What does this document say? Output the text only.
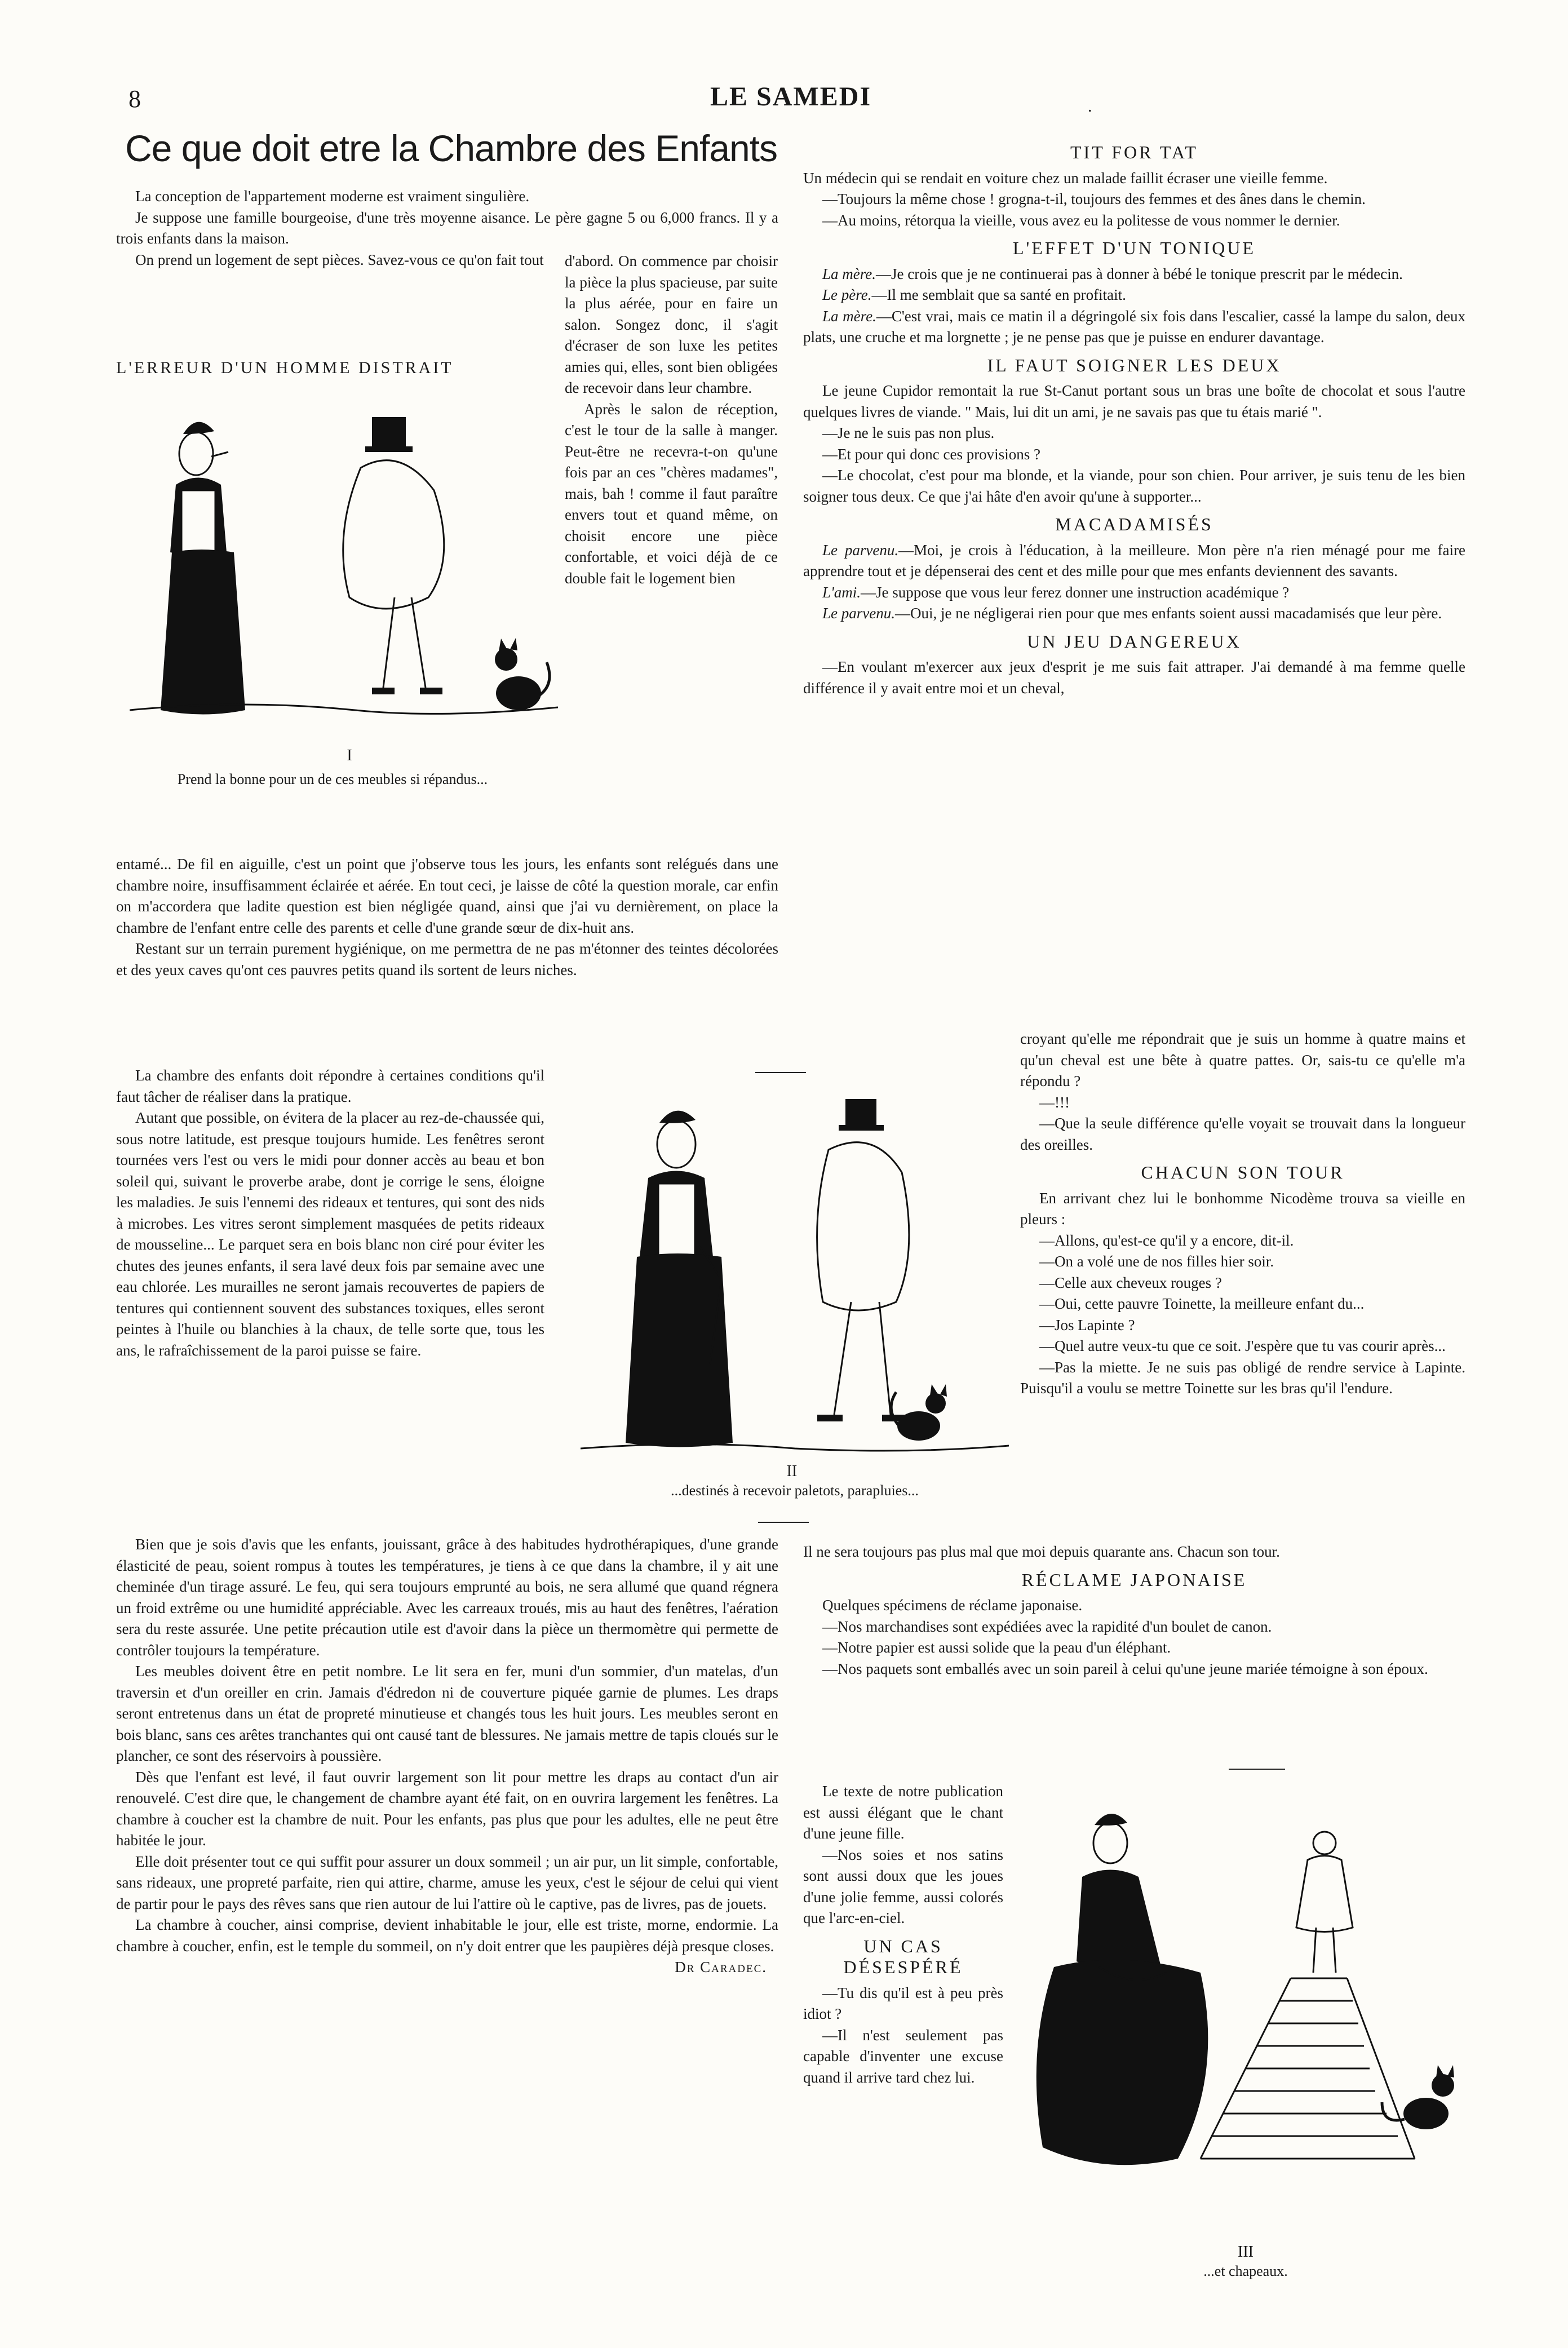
8	LE SAMEDI	.
Ce que doit etre la Chambre des Enfants

La conception de l'appartement moderne est vraiment singulière.

Je suppose une famille bourgeoise, d'une très moyenne aisance. Le père gagne 5 ou 6,000 francs. Il y a trois enfants dans la maison.

On prend un logement de sept pièces. Savez-vous ce qu'on fait tout	d'abord. On commence par choisir la pièce la plus spacieuse, par suite la plus aérée, pour en faire un salon. Songez donc, il s'agit d'écraser de son luxe les petites amies qui, elles, sont bien obligées de recevoir dans leur chambre.

Après le salon de réception, c'est le tour de la salle à manger. Peut-être ne recevra-t-on qu'une fois par an ces "chères madames", mais, bah ! comme il faut paraître envers tout et quand même, on choisit encore une pièce confortable, et voici déjà de ce double fait le logement bien

L'ERREUR D'UN HOMME DISTRAIT
I
Prend la bonne pour un de ces meubles si répandus...

entamé... De fil en aiguille, c'est un point que j'observe tous les jours, les enfants sont relégués dans une chambre noire, insuffisamment éclairée et aérée. En tout ceci, je laisse de côté la question morale, car enfin on m'accordera que ladite question est bien négligée quand, ainsi que j'ai vu dernièrement, on place la chambre de l'enfant entre celle des parents et celle d'une grande sœur de dix-huit ans.

Restant sur un terrain purement hygiénique, on me permettra de ne pas m'étonner des teintes décolorées et des yeux caves qu'ont ces pauvres petits quand ils sortent de leurs niches.

La chambre des enfants doit répondre à certaines conditions qu'il faut tâcher de réaliser dans la pratique.

Autant que possible, on évitera de la placer au rez-de-chaussée qui, sous notre latitude, est presque toujours humide. Les fenêtres seront tournées vers l'est ou vers le midi pour donner accès au beau et bon soleil qui, suivant le proverbe arabe, dont je corrige le sens, éloigne les maladies. Je suis l'ennemi des rideaux et tentures, qui sont des nids à microbes. Les vitres seront simplement masquées de petits rideaux de mousseline... Le parquet sera en bois blanc non ciré pour éviter les chutes des jeunes enfants, il sera lavé deux fois par semaine avec une eau chlorée. Les murailles ne seront jamais recouvertes de papiers de tentures qui contiennent souvent des substances toxiques, elles seront peintes à l'huile ou blanchies à la chaux, de telle sorte que, tous les ans, le rafraîchissement de la paroi puisse se faire.

Bien que je sois d'avis que les enfants, jouissant, grâce à des habitudes hydrothérapiques, d'une grande élasticité de peau, soient rompus à toutes les températures, je tiens à ce que dans la chambre, il y ait une cheminée d'un tirage assuré. Le feu, qui sera toujours emprunté au bois, ne sera allumé que quand régnera un froid extrême ou une humidité appréciable. Avec les carreaux troués, mis au haut des fenêtres, l'aération sera du reste assurée. Une petite précaution utile est d'avoir dans la pièce un thermomètre qui permette de contrôler toujours la température.

Les meubles doivent être en petit nombre. Le lit sera en fer, muni d'un sommier, d'un matelas, d'un traversin et d'un oreiller en crin. Jamais d'édredon ni de couverture piquée garnie de plumes. Les draps seront entretenus dans un état de propreté minutieuse et changés tous les huit jours. Les meubles seront en bois blanc, sans ces arêtes tranchantes qui ont causé tant de blessures. Ne jamais mettre de tapis cloués sur le plancher, ce sont des réservoirs à poussière.

Dès que l'enfant est levé, il faut ouvrir largement son lit pour mettre les draps au contact d'un air renouvelé. C'est dire que, le changement de chambre ayant été fait, on en ouvrira largement les fenêtres. La chambre à coucher est la chambre de nuit. Pour les enfants, pas plus que pour les adultes, elle ne peut être habitée le jour.

Elle doit présenter tout ce qui suffit pour assurer un doux sommeil ; un air pur, un lit simple, confortable, sans rideaux, une propreté parfaite, rien qui attire, charme, amuse les yeux, c'est le séjour de celui qui vient de partir pour le pays des rêves sans que rien autour de lui l'attire où le captive, pas de livres, pas de jouets.

La chambre à coucher, ainsi comprise, devient inhabitable le jour, elle est triste, morne, endormie. La chambre à coucher, enfin, est le temple du sommeil, on n'y doit entrer que les paupières déjà presque closes.

Dr Caradec.
II
...destinés à recevoir paletots, parapluies...
TIT FOR TAT

Un médecin qui se rendait en voiture chez un malade faillit écraser une vieille femme.

—Toujours la même chose ! grogna-t-il, toujours des femmes et des ânes dans le chemin.

—Au moins, rétorqua la vieille, vous avez eu la politesse de vous nommer le dernier.

L'EFFET D'UN TONIQUE

La mère.—Je crois que je ne continuerai pas à donner à bébé le tonique prescrit par le médecin.

Le père.—Il me semblait que sa santé en profitait.

La mère.—C'est vrai, mais ce matin il a dégringolé six fois dans l'escalier, cassé la lampe du salon, deux plats, une cruche et ma lorgnette ; je ne pense pas que je puisse en endurer davantage.

IL FAUT SOIGNER LES DEUX

Le jeune Cupidor remontait la rue St-Canut portant sous un bras une boîte de chocolat et sous l'autre quelques livres de viande. " Mais, lui dit un ami, je ne savais pas que tu étais marié ".

—Je ne le suis pas non plus.

—Et pour qui donc ces provisions ?

—Le chocolat, c'est pour ma blonde, et la viande, pour son chien. Pour arriver, je suis tenu de les bien soigner tous deux. Ce que j'ai hâte d'en avoir qu'une à supporter...

MACADAMISÉS

Le parvenu.—Moi, je crois à l'éducation, à la meilleure. Mon père n'a rien ménagé pour me faire apprendre tout et je dépenserai des cent et des mille pour que mes enfants deviennent des savants.

L'ami.—Je suppose que vous leur ferez donner une instruction académique ?

Le parvenu.—Oui, je ne négligerai rien pour que mes enfants soient aussi macadamisés que leur père.

UN JEU DANGEREUX

—En voulant m'exercer aux jeux d'esprit je me suis fait attraper. J'ai demandé à ma femme quelle différence il y avait entre moi et un cheval,

croyant qu'elle me répondrait que je suis un homme à quatre mains et qu'un cheval est une bête à quatre pattes. Or, sais-tu ce qu'elle m'a répondu ?

—!!!

—Que la seule différence qu'elle voyait se trouvait dans la longueur des oreilles.

CHACUN SON TOUR

En arrivant chez lui le bonhomme Nicodème trouva sa vieille en pleurs :

—Allons, qu'est-ce qu'il y a encore, dit-il.

—On a volé une de nos filles hier soir.

—Celle aux cheveux rouges ?

—Oui, cette pauvre Toinette, la meilleure enfant du...

—Jos Lapinte ?

—Quel autre veux-tu que ce soit. J'espère que tu vas courir après...

—Pas la miette. Je ne suis pas obligé de rendre service à Lapinte. Puisqu'il a voulu se mettre Toinette sur les bras qu'il l'endure.

Il ne sera toujours pas plus mal que moi depuis quarante ans. Chacun son tour.

RÉCLAME JAPONAISE

Quelques spécimens de réclame japonaise.

—Nos marchandises sont expédiées avec la rapidité d'un boulet de canon.

—Notre papier est aussi solide que la peau d'un éléphant.

—Nos paquets sont emballés avec un soin pareil à celui qu'une jeune mariée témoigne à son époux.

Le texte de notre publication est aussi élégant que le chant d'une jeune fille.

—Nos soies et nos satins sont aussi doux que les joues d'une jolie femme, aussi colorés que l'arc-en-ciel.

UN CAS DÉSESPÉRÉ

—Tu dis qu'il est à peu près idiot ?

—Il n'est seulement pas capable d'inventer une excuse quand il arrive tard chez lui.

III
...et chapeaux.
